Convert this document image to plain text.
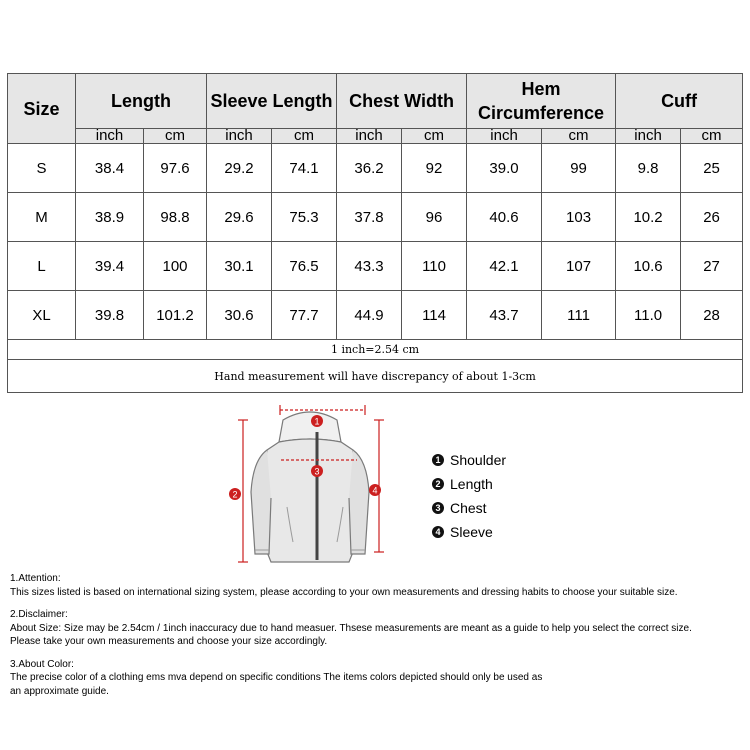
Size	Length		Sleeve Length		Chest Width		Hem Circumference		Cuff	
	inch	cm	inch	cm	inch	cm	inch	cm	inch	cm
S	38.4	97.6	29.2	74.1	36.2	92	39.0	99	9.8	25
M	38.9	98.8	29.6	75.3	37.8	96	40.6	103	10.2	26
L	39.4	100	30.1	76.5	43.3	110	42.1	107	10.6	27
XL	39.8	101.2	30.6	77.7	44.9	114	43.7	111	11.0	28
1 inch=2.54 cm										
Hand measurement will have discrepancy of about 1-3cm										
1
2
3
4
1 Shoulder
2 Length
3 Chest
4 Sleeve

1.Attention:

This sizes listed is based on international sizing system, please according to your own measurements and dressing habits to choose your suitable size.

2.Disclaimer:

About Size: Size may be 2.54cm / 1inch inaccuracy due to hand measuer. Thsese measurements are meant as a guide to help you select the correct size.

Please take your own measurements and choose your size accordingly.

3.About Color:

The precise color of a clothing ems mva depend on specific conditions The items colors depicted should only be used as

an approximate guide.
